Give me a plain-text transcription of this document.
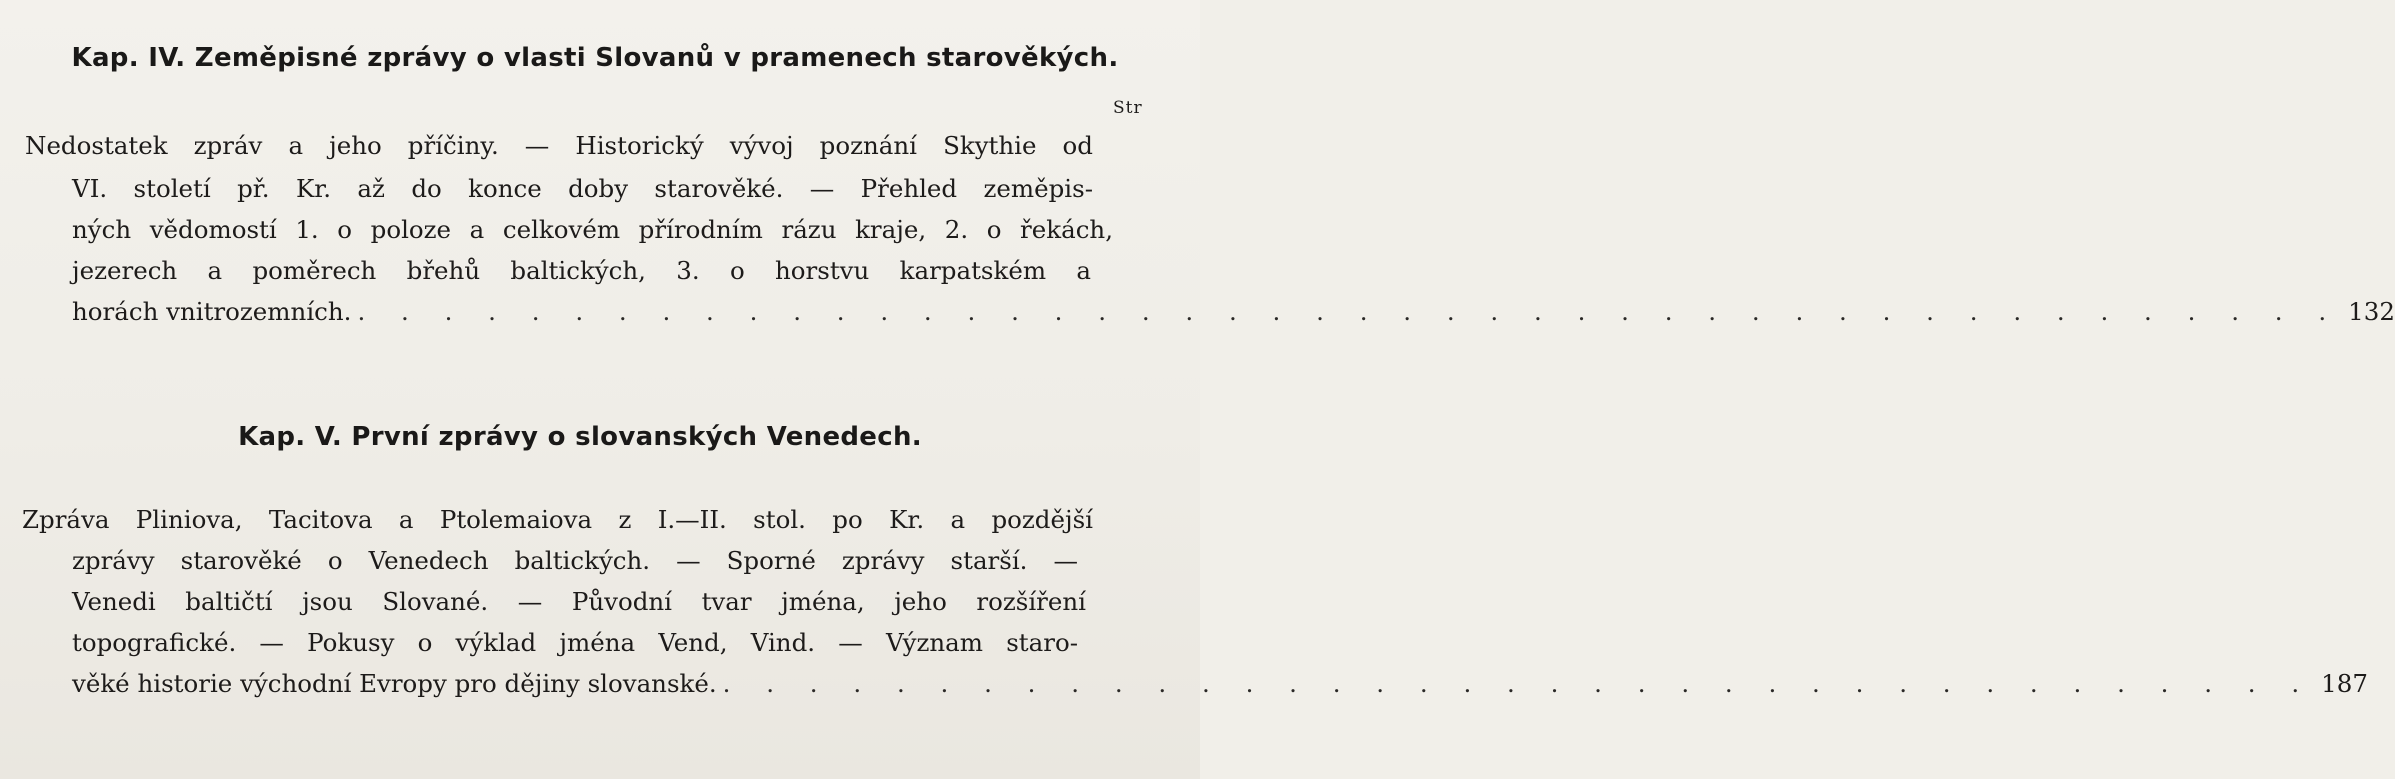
Kap. IV. Zeměpisné zprávy o vlasti Slovanů v pramenech starověkých.
Str
Nedostatek zpráv a jeho příčiny. — Historický vývoj poznání Skythie od
VI. století př. Kr. až do konce doby starověké. — Přehled zeměpis-
ných vědomostí 1. o poloze a celkovém přírodním rázu kraje, 2. o řekách,
jezerech a poměrech břehů baltických, 3. o horstvu karpatském a
horách vnitrozemních. . . . . . . . . . . . . . . . . . . . . . . . . . . . . . . . . . . . . . . . . . . . . . . 132
Kap. V. První zprávy o slovanských Venedech.
Zpráva Pliniova, Tacitova a Ptolemaiova z I.—II. stol. po Kr. a pozdější
zprávy starověké o Venedech baltických. — Sporné zprávy starší. —
Venedi baltičtí jsou Slované. — Původní tvar jména, jeho rozšíření
topografické. — Pokusy o výklad jména Vend, Vind. — Význam staro-
věké historie východní Evropy pro dějiny slovanské. . . . . . . . . . . . . . . . . . . . . . . . . . . . . . . . . . . . . . 187
